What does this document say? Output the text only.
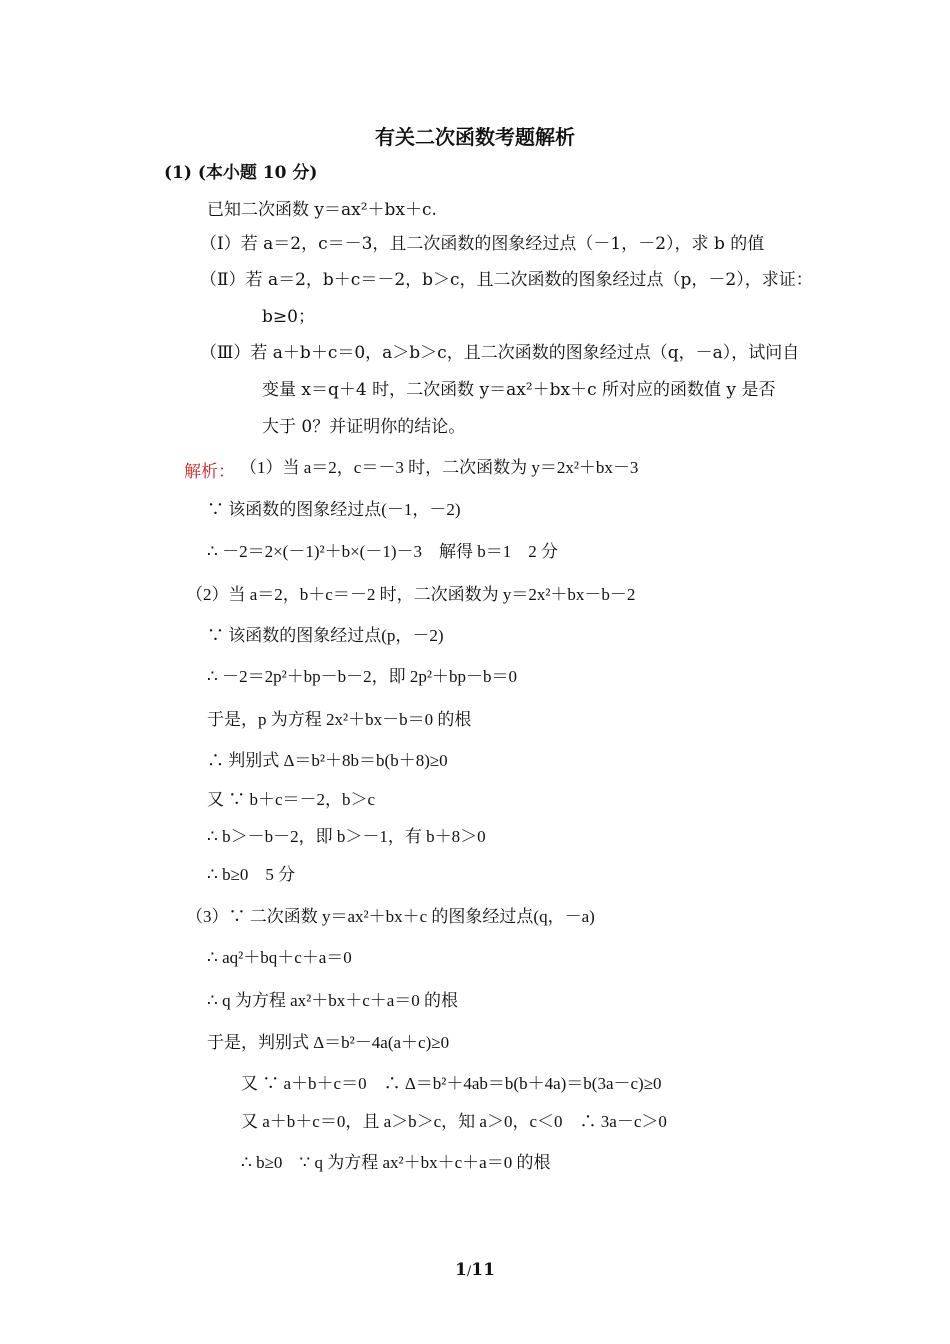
有关二次函数考题解析
(1) (本小题 10 分)
已知二次函数 y＝ax²＋bx＋c.
（Ⅰ）若 a＝2，c＝－3，且二次函数的图象经过点（－1，－2），求 b 的值
（Ⅱ）若 a＝2，b＋c＝－2，b＞c，且二次函数的图象经过点（p，－2），求证：
b≥0；
（Ⅲ）若 a＋b＋c＝0，a＞b＞c，且二次函数的图象经过点（q，－a），试问自
变量 x＝q＋4 时，二次函数 y＝ax²＋bx＋c 所对应的函数值 y 是否
大于 0？并证明你的结论。
解析： （1）当 a＝2，c＝－3 时，二次函数为 y＝2x²＋bx－3
∵ 该函数的图象经过点(－1，－2)
∴ －2＝2×(－1)²＋b×(－1)－3　解得 b＝1　2 分
（2）当 a＝2，b＋c＝－2 时，二次函数为 y＝2x²＋bx－b－2
∵ 该函数的图象经过点(p，－2)
∴ －2＝2p²＋bp－b－2，即 2p²＋bp－b＝0
于是，p 为方程 2x²＋bx－b＝0 的根
∴ 判别式 Δ＝b²＋8b＝b(b＋8)≥0
又 ∵ b＋c＝－2，b＞c
∴ b＞－b－2，即 b＞－1，有 b＋8＞0
∴ b≥0　5 分
（3）∵ 二次函数 y＝ax²＋bx＋c 的图象经过点(q，－a)
∴ aq²＋bq＋c＋a＝0
∴ q 为方程 ax²＋bx＋c＋a＝0 的根
于是，判别式 Δ＝b²－4a(a＋c)≥0
又 ∵ a＋b＋c＝0　∴ Δ＝b²＋4ab＝b(b＋4a)＝b(3a－c)≥0
又 a＋b＋c＝0，且 a＞b＞c，知 a＞0，c＜0　∴ 3a－c＞0
∴ b≥0　∵ q 为方程 ax²＋bx＋c＋a＝0 的根
1/11
